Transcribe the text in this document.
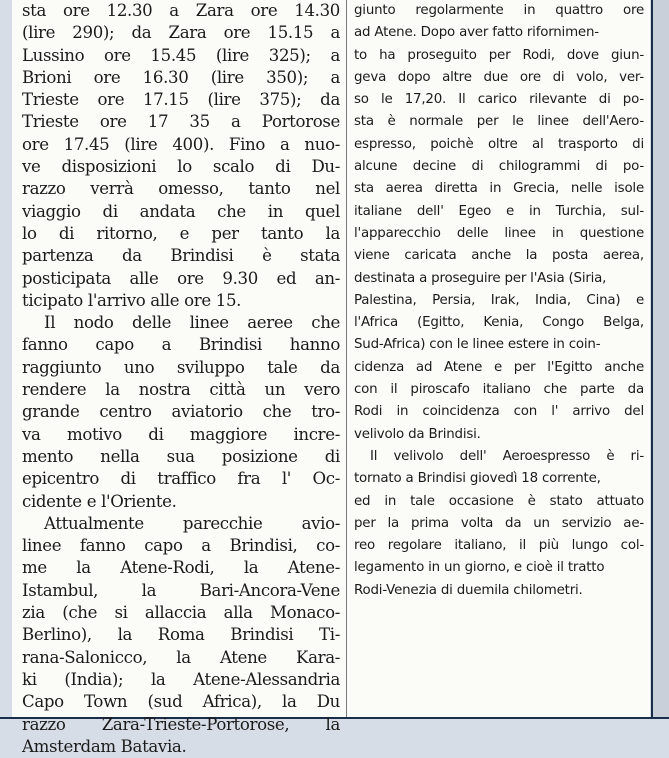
sta ore 12.30 a Zara ore 14.30
(lire 290); da Zara ore 15.15 a
Lussino ore 15.45 (lire 325); a
Brioni ore 16.30 (lire 350); a
Trieste ore 17.15 (lire 375); da
Trieste ore 17 35 a Portorose
ore 17.45 (lire 400). Fino a nuo-
ve disposizioni lo scalo di Du-
razzo verrà omesso, tanto nel
viaggio di andata che in quel
lo di ritorno, e per tanto la
partenza da Brindisi è stata
posticipata alle ore 9.30 ed an-
ticipato l'arrivo alle ore 15.
Il nodo delle linee aeree che
fanno capo a Brindisi hanno
raggiunto uno sviluppo tale da
rendere la nostra città un vero
grande centro aviatorio che tro-
va motivo di maggiore incre-
mento nella sua posizione di
epicentro di traffico fra l' Oc-
cidente e l'Oriente.
Attualmente parecchie avio-
linee fanno capo a Brindisi, co-
me la Atene-Rodi, la Atene-
Istambul, la Bari-Ancora-Vene
zia (che si allaccia alla Monaco-
Berlino), la Roma Brindisi Ti-
rana-Salonicco, la Atene Kara-
ki (India); la Atene-Alessandria
Capo Town (sud Africa), la Du
razzo Zara-Trieste-Portorose, la
Amsterdam Batavia.
giunto regolarmente in quattro ore
ad Atene. Dopo aver fatto rifornimen-
to ha proseguito per Rodi, dove giun-
geva dopo altre due ore di volo, ver-
so le 17,20. Il carico rilevante di po-
sta è normale per le linee dell'Aero-
espresso, poichè oltre al trasporto di
alcune decine di chilogrammi di po-
sta aerea diretta in Grecia, nelle isole
italiane dell' Egeo e in Turchia, sul-
l'apparecchio delle linee in questione
viene caricata anche la posta aerea,
destinata a proseguire per l'Asia (Siria,
Palestina, Persia, Irak, India, Cina) e
l'Africa (Egitto, Kenia, Congo Belga,
Sud-Africa) con le linee estere in coin-
cidenza ad Atene e per l'Egitto anche
con il piroscafo italiano che parte da
Rodi in coincidenza con l' arrivo del
velivolo da Brindisi.
Il velivolo dell' Aeroespresso è ri-
tornato a Brindisi giovedì 18 corrente,
ed in tale occasione è stato attuato
per la prima volta da un servizio ae-
reo regolare italiano, il più lungo col-
legamento in un giorno, e cioè il tratto
Rodi-Venezia di duemila chilometri.
